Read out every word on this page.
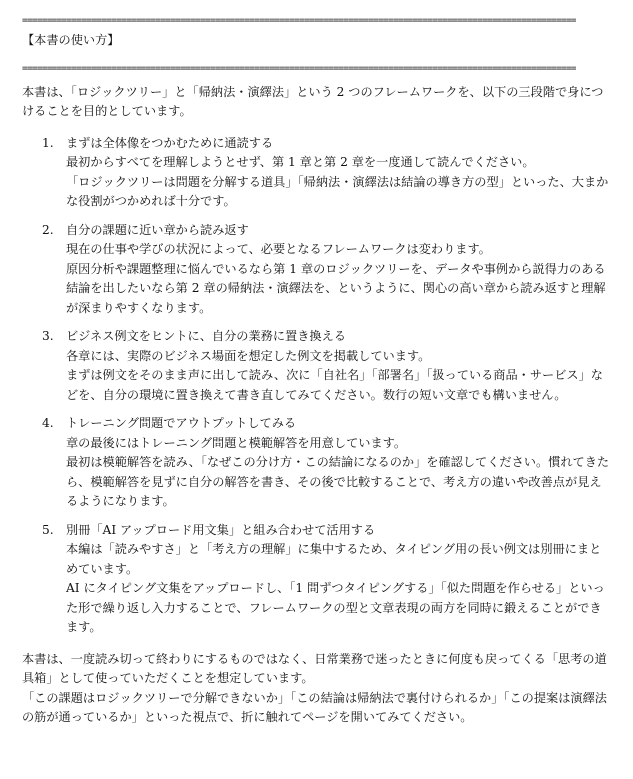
================================================================================================================
【本書の使い方】
================================================================================================================

本書は、「ロジックツリー」と「帰納法・演繹法」という 2 つのフレームワークを、以下の三段階で身につけることを目的としています。

1. まずは全体像をつかむために通読する
最初からすべてを理解しようとせず、第 1 章と第 2 章を一度通して読んでください。
「ロジックツリーは問題を分解する道具」「帰納法・演繹法は結論の導き方の型」といった、大まかな役割がつかめれば十分です。
2. 自分の課題に近い章から読み返す
現在の仕事や学びの状況によって、必要となるフレームワークは変わります。
原因分析や課題整理に悩んでいるなら第 1 章のロジックツリーを、データや事例から説得力のある結論を出したいなら第 2 章の帰納法・演繹法を、というように、関心の高い章から読み返すと理解が深まりやすくなります。
3. ビジネス例文をヒントに、自分の業務に置き換える
各章には、実際のビジネス場面を想定した例文を掲載しています。
まずは例文をそのまま声に出して読み、次に「自社名」「部署名」「扱っている商品・サービス」などを、自分の環境に置き換えて書き直してみてください。数行の短い文章でも構いません。
4. トレーニング問題でアウトプットしてみる
章の最後にはトレーニング問題と模範解答を用意しています。
最初は模範解答を読み、「なぜこの分け方・この結論になるのか」を確認してください。慣れてきたら、模範解答を見ずに自分の解答を書き、その後で比較することで、考え方の違いや改善点が見えるようになります。
5. 別冊「AI アップロード用文集」と組み合わせて活用する
本編は「読みやすさ」と「考え方の理解」に集中するため、タイピング用の長い例文は別冊にまとめています。
AI にタイピング文集をアップロードし、「1 問ずつタイピングする」「似た問題を作らせる」といった形で繰り返し入力することで、フレームワークの型と文章表現の両方を同時に鍛えることができます。

本書は、一度読み切って終わりにするものではなく、日常業務で迷ったときに何度も戻ってくる「思考の道具箱」として使っていただくことを想定しています。

「この課題はロジックツリーで分解できないか」「この結論は帰納法で裏付けられるか」「この提案は演繹法の筋が通っているか」といった視点で、折に触れてページを開いてみてください。
